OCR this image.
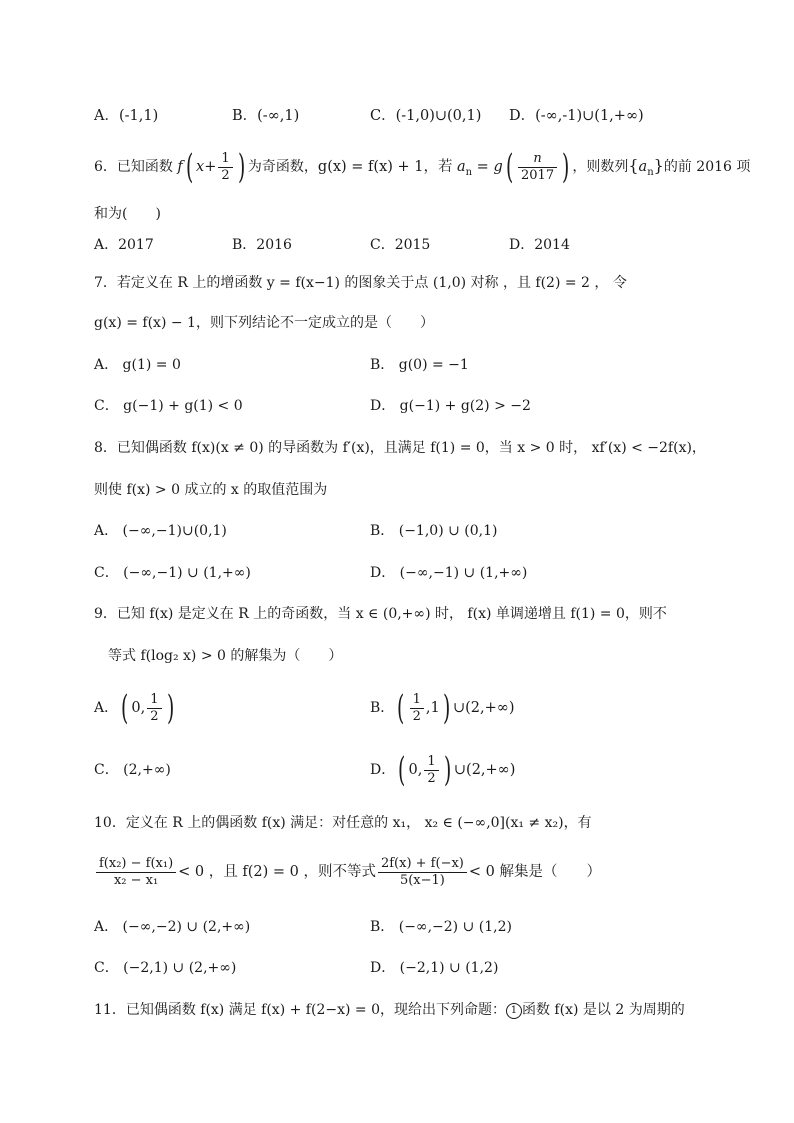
A．(-1,1)	B．(-∞,1)	C．(-1,0)∪(0,1) D．(-∞,-1)∪(1,+∞)
6．已知函数 f( $x+ \frac{1}{2}$ ) 为奇函数，g(x) = f(x) + 1，若 $a_n = g( \frac{n}{2017}$ ) ，则数列$\{a_n\}$的前 2016 项
和为(　　)
A．2017	B．2016	C．2015	D．2014
7．若定义在 R 上的增函数 y = f(x−1) 的图象关于点 (1,0) 对称 ，且 f(2) = 2 ， 令
g(x) = f(x) − 1，则下列结论不一定成立的是（　　）
A． g(1) = 0	B． g(0) = −1
C． g(−1) + g(1) < 0	D． g(−1) + g(2) > −2
8．已知偶函数 f(x)(x ≠ 0) 的导函数为 f′(x)，且满足 f(1) = 0，当 x > 0 时， xf′(x) < −2f(x)，
则使 f(x) > 0 成立的 x 的取值范围为
A． (−∞,−1)∪(0,1)	B． (−1,0) ∪ (0,1)
C． (−∞,−1) ∪ (1,+∞)	D． (−∞,−1) ∪ (1,+∞)
9．已知 f(x) 是定义在 R 上的奇函数，当 x ∈ (0,+∞) 时， f(x) 单调递增且 f(1) = 0，则不
等式 f(log₂ x) > 0 的解集为（　　）
A．( 0, $\frac{1}{2}$ )	B．( $\frac{1}{2} ,1$) ∪(2,+∞)
C． (2,+∞)	D．( 0, $\frac{1}{2}$ ) ∪(2,+∞)
10．定义在 R 上的偶函数 f(x) 满足：对任意的 x₁， x₂ ∈ (−∞,0](x₁ ≠ x₂)，有
$\frac{\text{f(x₂) − f(x₁)}}{\text{x₂ − x₁}} < 0$ ，且 f(2) = 0 ，则不等式 $\frac{2f(x) + f(-x)}{5(x-1)} < 0$ 解集是（　　）
A． (−∞,−2) ∪ (2,+∞)	B． (−∞,−2) ∪ (1,2)
C． (−2,1) ∪ (2,+∞)	D． (−2,1) ∪ (1,2)
11．已知偶函数 f(x) 满足 f(x) + f(2−x) = 0，现给出下列命题： 1 函数 f(x) 是以 2 为周期的
